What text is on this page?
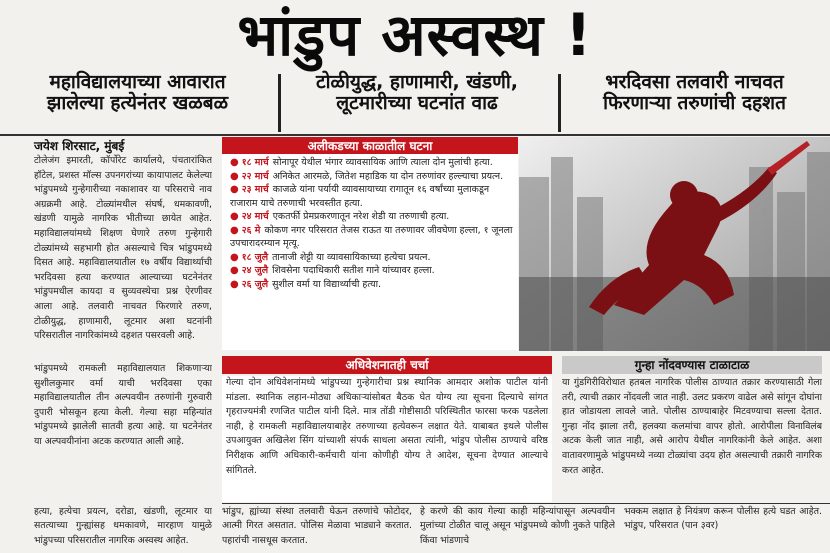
भांडुप अस्वस्थ !
महाविद्यालयाच्या आवारात झालेल्या हत्येनंतर खळबळ
टोळीयुद्ध, हाणामारी, खंडणी, लूटमारीच्या घटनांत वाढ
भरदिवसा तलवारी नाचवत फिरणाऱ्या तरुणांची दहशत
जयेश शिरसाट, मुंबई

टोलेजंग इमारती, कॉर्पोरेट कार्यालये, पंचतारांकित हॉटेल, प्रशस्त मॉल्स उपनगरांच्या कायापालट केलेल्या भांडुपमध्ये गुन्हेगारीच्या नकाशावर या परिसराचे नाव अग्रक्रमी आहे. टोळ्यांमधील संघर्ष, धमकावणी, खंडणी यामुळे नागरिक भीतीच्या छायेत आहेत. महाविद्यालयांमध्ये शिक्षण घेणारे तरुण गुन्हेगारी टोळ्यांमध्ये सहभागी होत असल्याचे चित्र भांडुपमध्ये दिसत आहे. महाविद्यालयातील १७ वर्षीय विद्यार्थ्याची भरदिवसा हत्या करण्यात आल्याच्या घटनेनंतर भांडुपमधील कायदा व सुव्यवस्थेचा प्रश्न ऐरणीवर आला आहे. तलवारी नाचवत फिरणारे तरुण, टोळीयुद्ध, हाणामारी, लूटमार अशा घटनांनी परिसरातील नागरिकांमध्ये दहशत पसरवली आहे.

भांडुपमध्ये रामकली महाविद्यालयात शिकणाऱ्या सुशीलकुमार वर्मा याची भरदिवसा एका महाविद्यालयातील तीन अल्पवयीन तरुणांनी गुरुवारी दुपारी भोसकून हत्या केली. गेल्या सहा महिन्यांत भांडुपमध्ये झालेली सातवी हत्या आहे. या घटनेनंतर या अल्पवयीनांना अटक करण्यात आली आहे.

अलीकडच्या काळातील घटना
● १८ मार्च सोनापूर येथील भंगार व्यावसायिक आणि त्याला दोन मुलांची हत्या.
● २२ मार्च अनिकेत आरमळे, जितेश महाडिक या दोन तरुणांवर हल्ल्याचा प्रयत्न.
● २३ मार्च काजळे यांना पर्यायी व्यावसायाच्या रागातून १६ वर्षांच्या मुलाकडून राजाराम याचे तरुणाची भरवस्तीत हत्या.
● २४ मार्च एकतर्फी प्रेमप्रकरणातून नरेश शेडी या तरुणाची हत्या.
● २६ मे कोकण नगर परिसरात तेजस राऊत या तरुणावर जीवघेणा हल्ला, १ जूनला उपचारादरम्यान मृत्यू.
● १८ जुलै तानाजी शेट्टी या व्यावसायिकाच्या हत्येचा प्रयत्न.
● २४ जुलै शिवसेना पदाधिकारी सतीश गाने यांच्यावर हल्ला.
● २६ जुलै सुशील वर्मा या विद्यार्थ्याची हत्या.
अधिवेशनातही चर्चा

गेल्या दोन अधिवेशनांमध्ये भांडुपच्या गुन्हेगारीचा प्रश्न स्थानिक आमदार अशोक पाटील यांनी मांडला. स्थानिक लहान-मोठ्या अधिकाऱ्यांसोबत बैठक घेत योग्य त्या सूचना दिल्याचे सांगत गृहराज्यमंत्री रणजित पाटील यांनी दिले. मात्र तोंडी गोष्टीसाठी परिस्थितीत फारसा फरक पडलेला नाही, हे रामकली महाविद्यालयाबाहेर तरुणाच्या हत्येवरून लक्षात येते. याबाबत इथले पोलीस उपआयुक्त अखिलेश सिंग यांच्याशी संपर्क साधला असता त्यांनी, भांडुप पोलीस ठाण्याचे वरिष्ठ निरीक्षक आणि अधिकारी-कर्मचारी यांना कोणीही योग्य ते आदेश, सूचना देण्यात आल्याचे सांगितले.

गुन्हा नोंदवण्यास टाळाटाळ

या गुंडगिरीविरोधात हतबल नागरिक पोलीस ठाण्यात तक्रार करण्यासाठी गेला तरी, त्याची तक्रार नोंदवली जात नाही. उलट प्रकरण वाढेल असे सांगून दोघांना हात जोडायला लावले जाते. पोलीस ठाण्याबाहेर मिटवण्याचा सल्ला देतात. गुन्हा नोंद झाला तरी, हलक्या कलमांचा वापर होतो. आरोपीला विनाविलंब अटक केली जात नाही, असे आरोप येथील नागरिकांनी केले आहेत. अशा वातावरणामुळे भांडुपमध्ये नव्या टोळ्यांचा उदय होत असल्याची तक्रारी नागरिक करत आहेत.

हत्या, हत्येचा प्रयत्न, दरोडा, खंडणी, लूटमार या सतत्याच्या गुन्ह्यांसह धमकावणे, मारहाण यामुळे भांडुपच्या परिसरातील नागरिक अस्वस्थ आहेत.
भांडुप, ह्यांच्या संस्था तलवारी घेऊन तरुणांचे फोटोदर, आत्मी गिरत असतात. पोलिस मेळावा भाड्याने करतात. पहारांची नासधूस करतात.
हे करणे की काय गेल्या काही महिन्यांपासून अल्पवयीन मुलांच्या टोळीत चालू असून भांडुपमध्ये कोणी नुकते पाहिले किंवा भांडणाचे
भक्कम लक्षात हे नियंत्रण करून पोलीस हत्ये घडत आहेत. भांडुप, परिसरात (पान ३वर)
